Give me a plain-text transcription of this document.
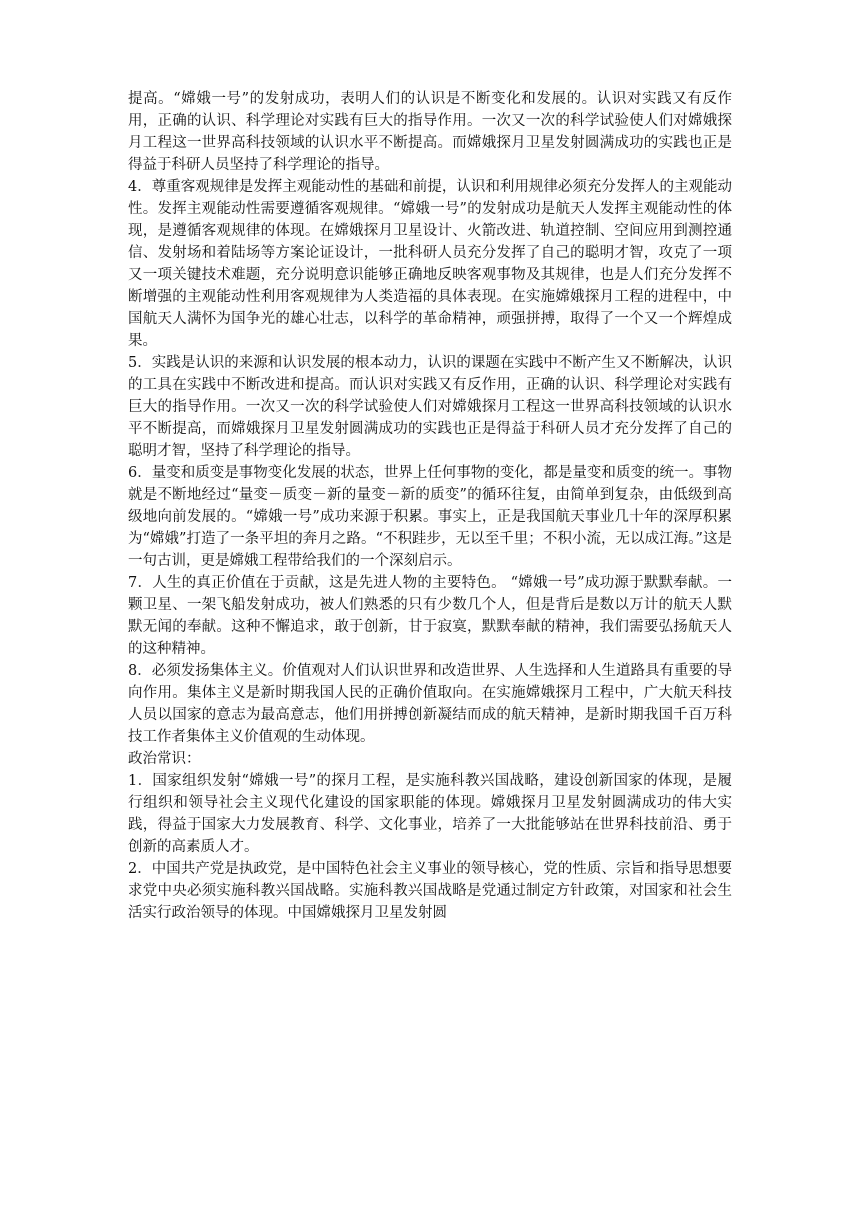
提高。“嫦娥一号”的发射成功，表明人们的认识是不断变化和发展的。认识对实践又有反作用，正确的认识、科学理论对实践有巨大的指导作用。一次又一次的科学试验使人们对嫦娥探月工程这一世界高科技领域的认识水平不断提高。而嫦娥探月卫星发射圆满成功的实践也正是得益于科研人员坚持了科学理论的指导。

4．尊重客观规律是发挥主观能动性的基础和前提，认识和利用规律必须充分发挥人的主观能动性。发挥主观能动性需要遵循客观规律。“嫦娥一号”的发射成功是航天人发挥主观能动性的体现，是遵循客观规律的体现。在嫦娥探月卫星设计、火箭改进、轨道控制、空间应用到测控通信、发射场和着陆场等方案论证设计，一批科研人员充分发挥了自己的聪明才智，攻克了一项又一项关键技术难题，充分说明意识能够正确地反映客观事物及其规律，也是人们充分发挥不断增强的主观能动性利用客观规律为人类造福的具体表现。在实施嫦娥探月工程的进程中，中国航天人满怀为国争光的雄心壮志，以科学的革命精神，顽强拼搏，取得了一个又一个辉煌成果。

5．实践是认识的来源和认识发展的根本动力，认识的课题在实践中不断产生又不断解决，认识的工具在实践中不断改进和提高。而认识对实践又有反作用，正确的认识、科学理论对实践有巨大的指导作用。一次又一次的科学试验使人们对嫦娥探月工程这一世界高科技领域的认识水平不断提高，而嫦娥探月卫星发射圆满成功的实践也正是得益于科研人员才充分发挥了自己的聪明才智，坚持了科学理论的指导。

6．量变和质变是事物变化发展的状态，世界上任何事物的变化，都是量变和质变的统一。事物就是不断地经过“量变－质变－新的量变－新的质变”的循环往复，由简单到复杂，由低级到高级地向前发展的。“嫦娥一号”成功来源于积累。事实上，正是我国航天事业几十年的深厚积累为“嫦娥”打造了一条平坦的奔月之路。“不积跬步，无以至千里；不积小流，无以成江海。”这是一句古训，更是嫦娥工程带给我们的一个深刻启示。

7．人生的真正价值在于贡献，这是先进人物的主要特色。 “嫦娥一号”成功源于默默奉献。一颗卫星、一架飞船发射成功，被人们熟悉的只有少数几个人，但是背后是数以万计的航天人默默无闻的奉献。这种不懈追求，敢于创新，甘于寂寞，默默奉献的精神，我们需要弘扬航天人的这种精神。

8．必须发扬集体主义。价值观对人们认识世界和改造世界、人生选择和人生道路具有重要的导向作用。集体主义是新时期我国人民的正确价值取向。在实施嫦娥探月工程中，广大航天科技人员以国家的意志为最高意志，他们用拼搏创新凝结而成的航天精神，是新时期我国千百万科技工作者集体主义价值观的生动体现。

政治常识：

1．国家组织发射“嫦娥一号”的探月工程，是实施科教兴国战略，建设创新国家的体现，是履行组织和领导社会主义现代化建设的国家职能的体现。嫦娥探月卫星发射圆满成功的伟大实践，得益于国家大力发展教育、科学、文化事业，培养了一大批能够站在世界科技前沿、勇于创新的高素质人才。

2．中国共产党是执政党，是中国特色社会主义事业的领导核心，党的性质、宗旨和指导思想要求党中央必须实施科教兴国战略。实施科教兴国战略是党通过制定方针政策，对国家和社会生活实行政治领导的体现。中国嫦娥探月卫星发射圆
